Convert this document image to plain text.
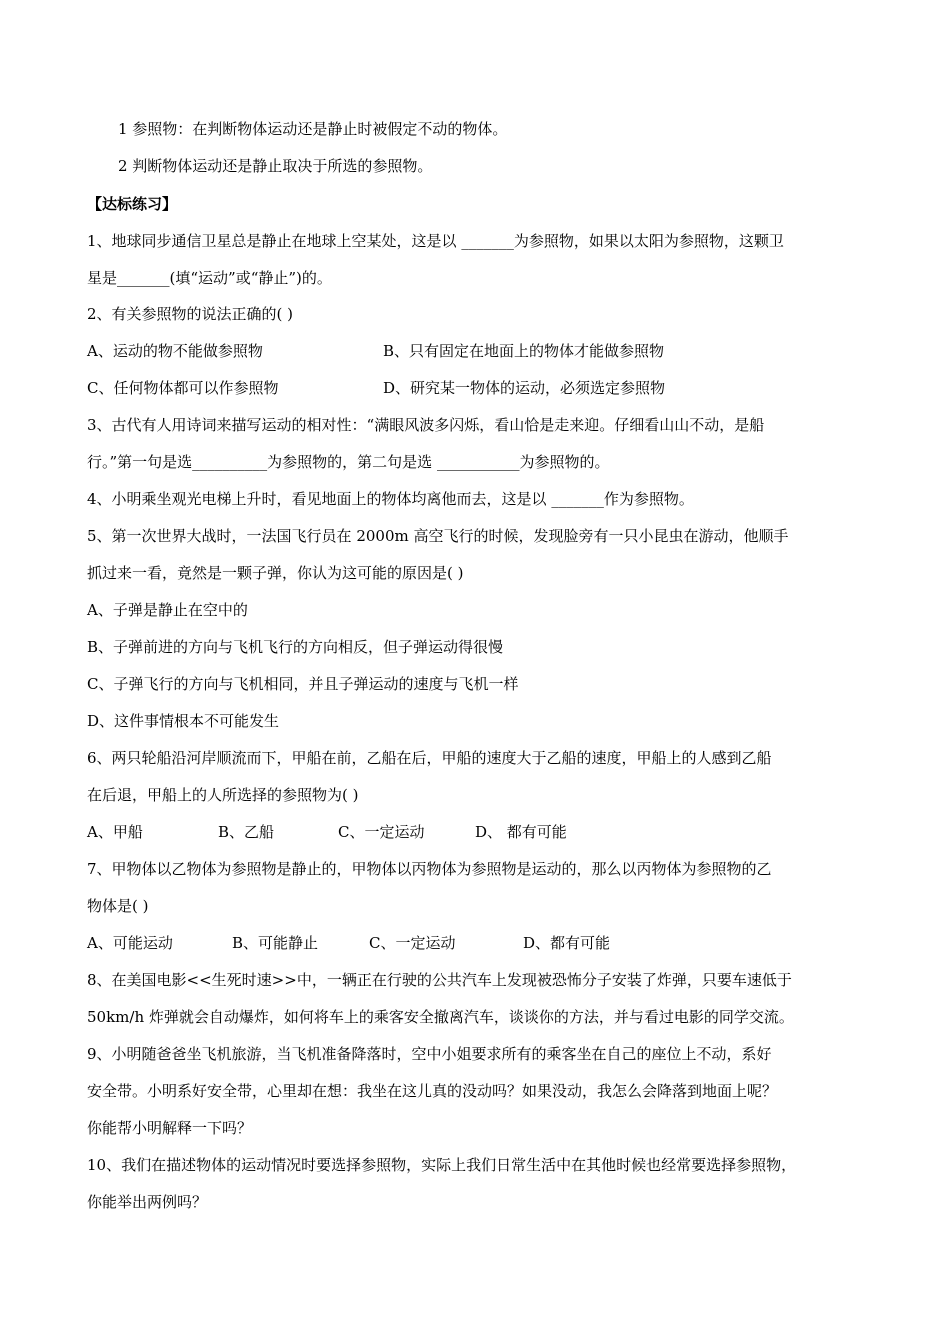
1 参照物：在判断物体运动还是静止时被假定不动的物体。
2 判断物体运动还是静止取决于所选的参照物。
【达标练习】
1、地球同步通信卫星总是静止在地球上空某处，这是以 _______为参照物，如果以太阳为参照物，这颗卫
星是_______(填“运动”或“静止”)的。
2、有关参照物的说法正确的( )
A、运动的物不能做参照物	B、只有固定在地面上的物体才能做参照物
C、任何物体都可以作参照物	D、研究某一物体的运动，必须选定参照物
3、古代有人用诗词来描写运动的相对性：“满眼风波多闪烁，看山恰是走来迎。仔细看山山不动，是船
行。”第一句是选__________为参照物的，第二句是选 ___________为参照物的。
4、小明乘坐观光电梯上升时，看见地面上的物体均离他而去，这是以 _______作为参照物。
5、第一次世界大战时，一法国飞行员在 2000m 高空飞行的时候，发现脸旁有一只小昆虫在游动，他顺手
抓过来一看，竟然是一颗子弹，你认为这可能的原因是( )
A、子弹是静止在空中的
B、子弹前进的方向与飞机飞行的方向相反，但子弹运动得很慢
C、子弹飞行的方向与飞机相同，并且子弹运动的速度与飞机一样
D、这件事情根本不可能发生
6、两只轮船沿河岸顺流而下，甲船在前，乙船在后，甲船的速度大于乙船的速度，甲船上的人感到乙船
在后退，甲船上的人所选择的参照物为( )
A、甲船	B、乙船	C、一定运动	D、 都有可能
7、甲物体以乙物体为参照物是静止的，甲物体以丙物体为参照物是运动的，那么以丙物体为参照物的乙
物体是( )
A、可能运动	B、可能静止	C、一定运动	D、都有可能
8、在美国电影<<生死时速>>中，一辆正在行驶的公共汽车上发现被恐怖分子安装了炸弹，只要车速低于
50km/h 炸弹就会自动爆炸，如何将车上的乘客安全撤离汽车，谈谈你的方法，并与看过电影的同学交流。
9、小明随爸爸坐飞机旅游，当飞机准备降落时，空中小姐要求所有的乘客坐在自己的座位上不动，系好
安全带。小明系好安全带，心里却在想：我坐在这儿真的没动吗？如果没动，我怎么会降落到地面上呢？
你能帮小明解释一下吗？
10、我们在描述物体的运动情况时要选择参照物，实际上我们日常生活中在其他时候也经常要选择参照物，
你能举出两例吗？
